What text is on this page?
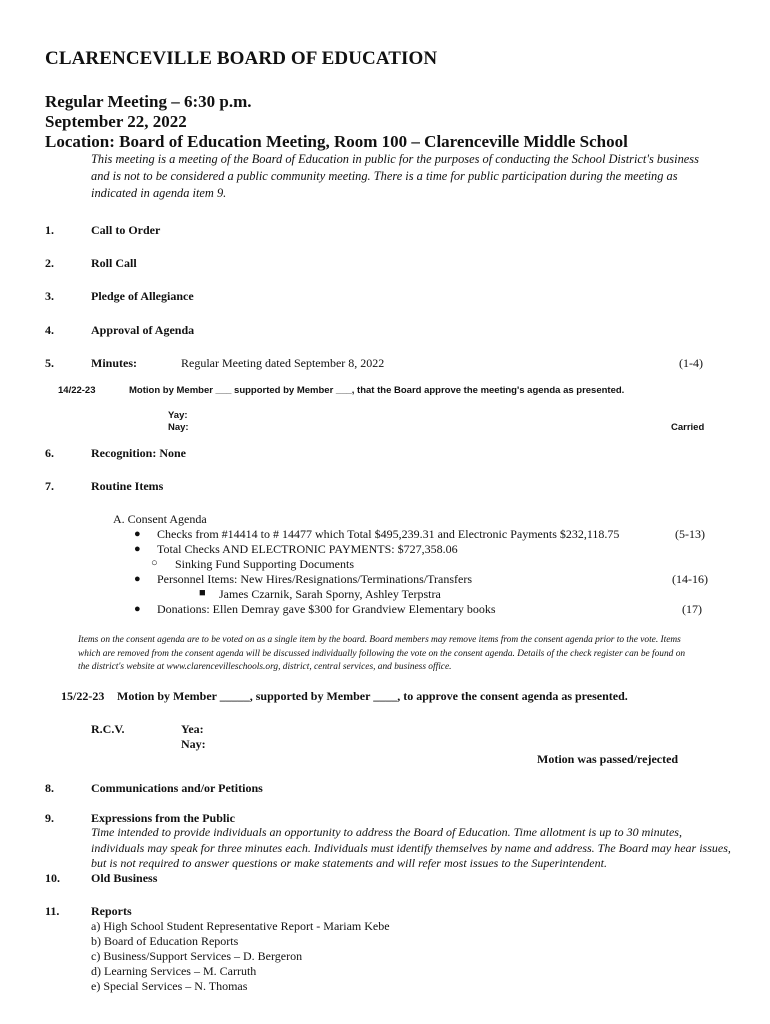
CLARENCEVILLE BOARD OF EDUCATION
Regular Meeting – 6:30 p.m.
September 22, 2022
Location: Board of Education Meeting, Room 100 – Clarenceville Middle School
This meeting is a meeting of the Board of Education in public for the purposes of conducting the School District's business and is not to be considered a public community meeting. There is a time for public participation during the meeting as indicated in agenda item 9.
1.	Call to Order
2.	Roll Call
3.	Pledge of Allegiance
4.	Approval of Agenda
5.	Minutes:	Regular Meeting dated September 8, 2022	(1-4)
14/22-23	Motion by Member ___ supported by Member ___, that the Board approve the meeting's agenda as presented.
Yay:
Nay:	Carried
6.	Recognition: None
7.	Routine Items
A. Consent Agenda
● Checks from #14414 to # 14477 which Total $495,239.31 and Electronic Payments $232,118.75	(5-13)
● Total Checks AND ELECTRONIC PAYMENTS: $727,358.06
○ Sinking Fund Supporting Documents
● Personnel Items: New Hires/Resignations/Terminations/Transfers	(14-16)
■ James Czarnik, Sarah Sporny, Ashley Terpstra
● Donations: Ellen Demray gave $300 for Grandview Elementary books	(17)
Items on the consent agenda are to be voted on as a single item by the board. Board members may remove items from the consent agenda prior to the vote. Items which are removed from the consent agenda will be discussed individually following the vote on the consent agenda. Details of the check register can be found on the district's website at www.clarencevilleschools.org, district, central services, and business office.
15/22-23 Motion by Member _____, supported by Member ____, to approve the consent agenda as presented.
R.C.V.	Yea:
Nay:
Motion was passed/rejected
8.	Communications and/or Petitions
9.	Expressions from the Public
Time intended to provide individuals an opportunity to address the Board of Education. Time allotment is up to 30 minutes, individuals may speak for three minutes each. Individuals must identify themselves by name and address. The Board may hear issues, but is not required to answer questions or make statements and will refer most issues to the Superintendent.
10.	Old Business
11.	Reports
a) High School Student Representative Report - Mariam Kebe
b) Board of Education Reports
c) Business/Support Services – D. Bergeron
d) Learning Services – M. Carruth
e) Special Services – N. Thomas
